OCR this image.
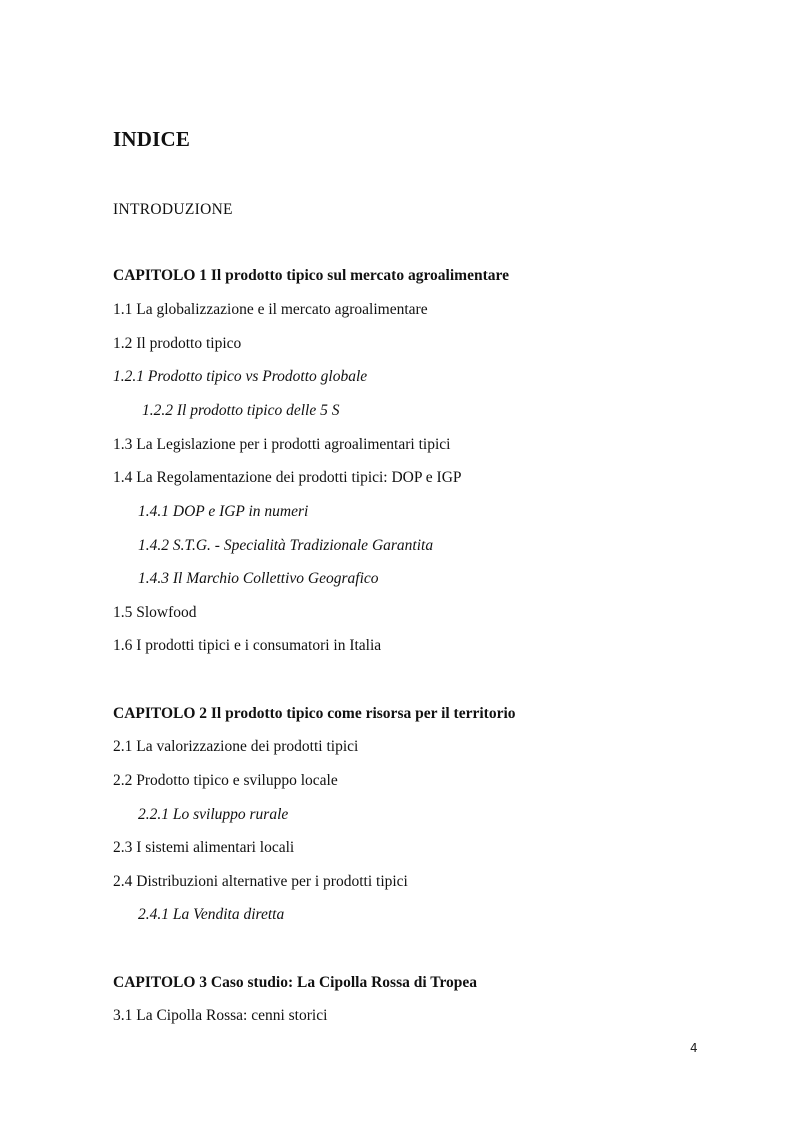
INDICE
INTRODUZIONE
CAPITOLO 1 Il prodotto tipico sul mercato agroalimentare
1.1 La globalizzazione e il mercato agroalimentare
1.2 Il prodotto tipico
1.2.1 Prodotto tipico vs Prodotto globale
1.2.2 Il prodotto tipico delle 5 S
1.3 La Legislazione per i prodotti agroalimentari tipici
1.4 La Regolamentazione dei prodotti tipici: DOP e IGP
1.4.1 DOP e IGP in numeri
1.4.2 S.T.G. - Specialità Tradizionale Garantita
1.4.3 Il Marchio Collettivo Geografico
1.5 Slowfood
1.6 I prodotti tipici e i consumatori in Italia
CAPITOLO 2 Il prodotto tipico come risorsa per il territorio
2.1 La valorizzazione dei prodotti tipici
2.2 Prodotto tipico e sviluppo locale
2.2.1 Lo sviluppo rurale
2.3 I sistemi alimentari locali
2.4 Distribuzioni alternative per i prodotti tipici
2.4.1 La Vendita diretta
CAPITOLO 3 Caso studio: La Cipolla Rossa di Tropea
3.1 La Cipolla Rossa: cenni storici
4
